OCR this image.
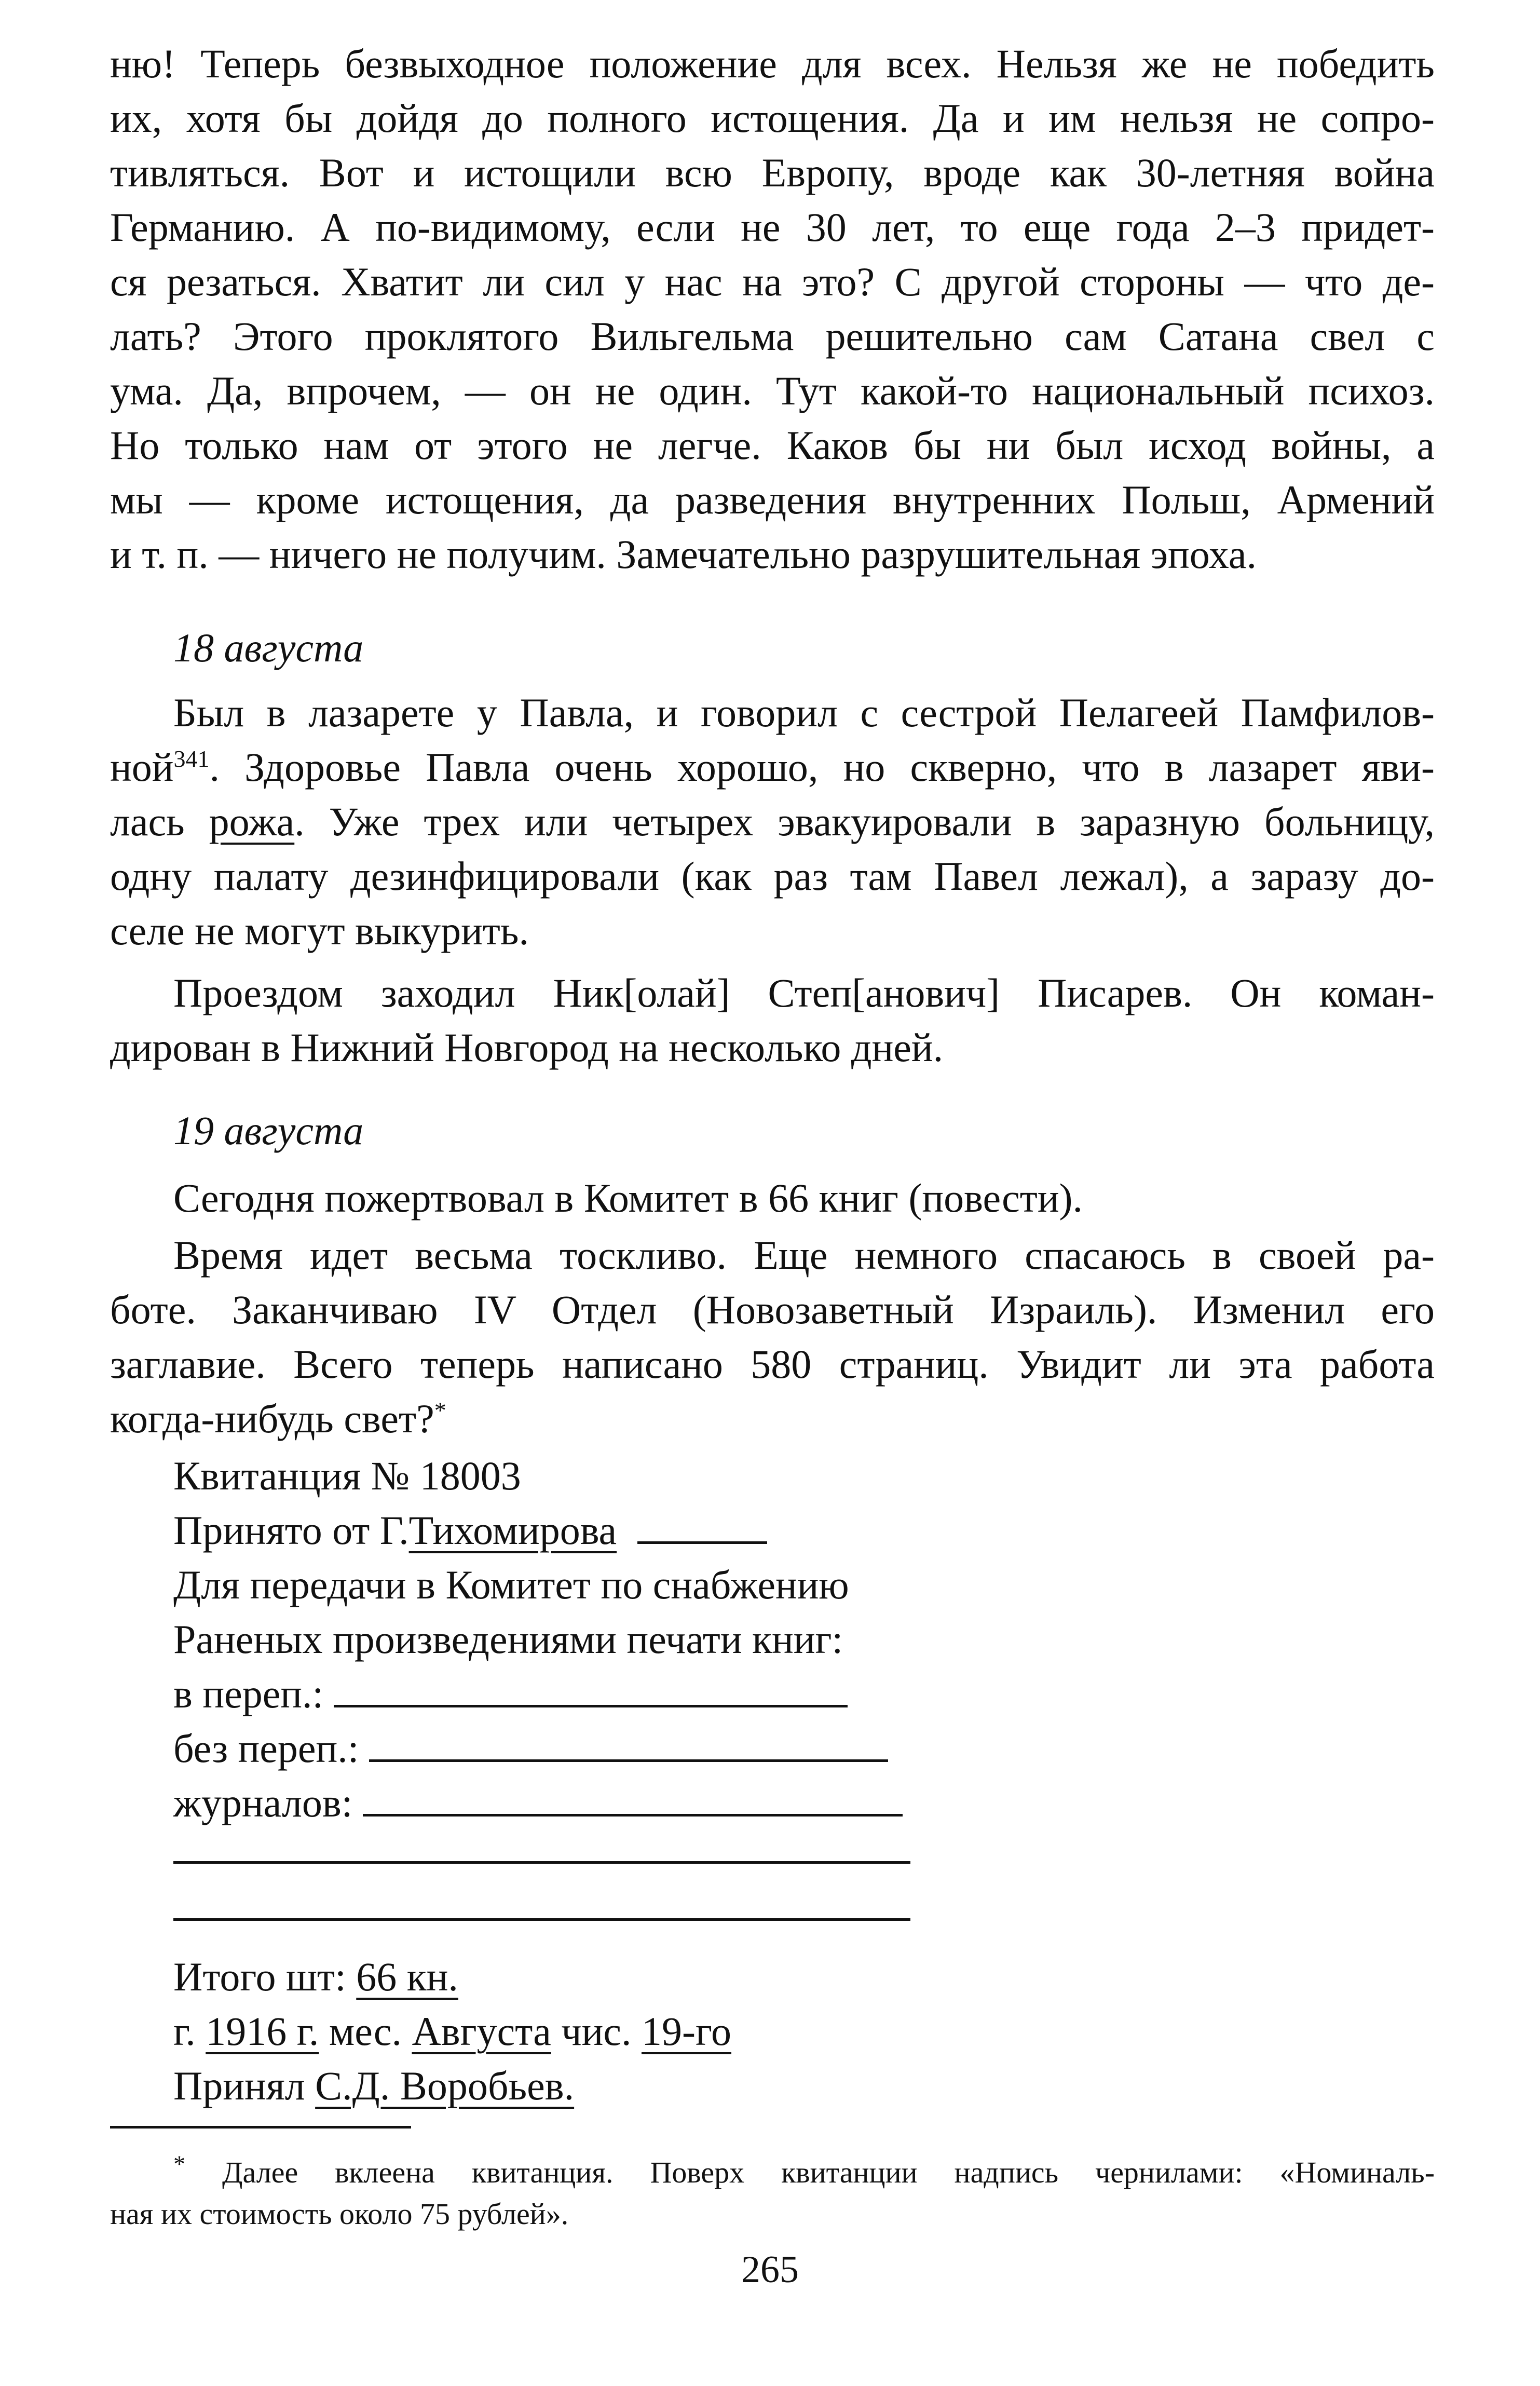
ню! Теперь безвыходное положение для всех. Нельзя же не победить
их, хотя бы дойдя до полного истощения. Да и им нельзя не сопро-
тивляться. Вот и истощили всю Европу, вроде как 30-летняя война
Германию. А по-видимому, если не 30 лет, то еще года 2–3 придет-
ся резаться. Хватит ли сил у нас на это? С другой стороны — что де-
лать? Этого проклятого Вильгельма решительно сам Сатана свел с
ума. Да, впрочем, — он не один. Тут какой-то национальный психоз.
Но только нам от этого не легче. Каков бы ни был исход войны, а
мы — кроме истощения, да разведения внутренних Польш, Армений
и т. п. — ничего не получим. Замечательно разрушительная эпоха.

18 августа

Был в лазарете у Павла, и говорил с сестрой Пелагеей Памфилов-
ной$^{341}$. Здоровье Павла очень хорошо, но скверно, что в лазарет яви-
лась рожа. Уже трех или четырех эвакуировали в заразную больницу,
одну палату дезинфицировали (как раз там Павел лежал), а заразу до-
селе не могут выкурить.

Проездом заходил Ник[олай] Степ[анович] Писарев. Он коман-
дирован в Нижний Новгород на несколько дней.

19 августа

Сегодня пожертвовал в Комитет в 66 книг (повести).

Время идет весьма тоскливо. Еще немного спасаюсь в своей ра-
боте. Заканчиваю IV Отдел (Новозаветный Израиль). Изменил его
заглавие. Всего теперь написано 580 страниц. Увидит ли эта работа
когда-нибудь свет?*

Квитанция № 18003
Принято от Г.Тихомирова
Для передачи в Комитет по снабжению
Раненых произведениями печати книг:
в переп.:
без переп.:
журналов:
Итого шт: 66 кн.
г. 1916 г. мес. Августа чис. 19-го
Принял С.Д. Воробьев.
* Далее вклеена квитанция. Поверх квитанции надпись чернилами: «Номиналь-
ная их стоимость около 75 рублей».
265
